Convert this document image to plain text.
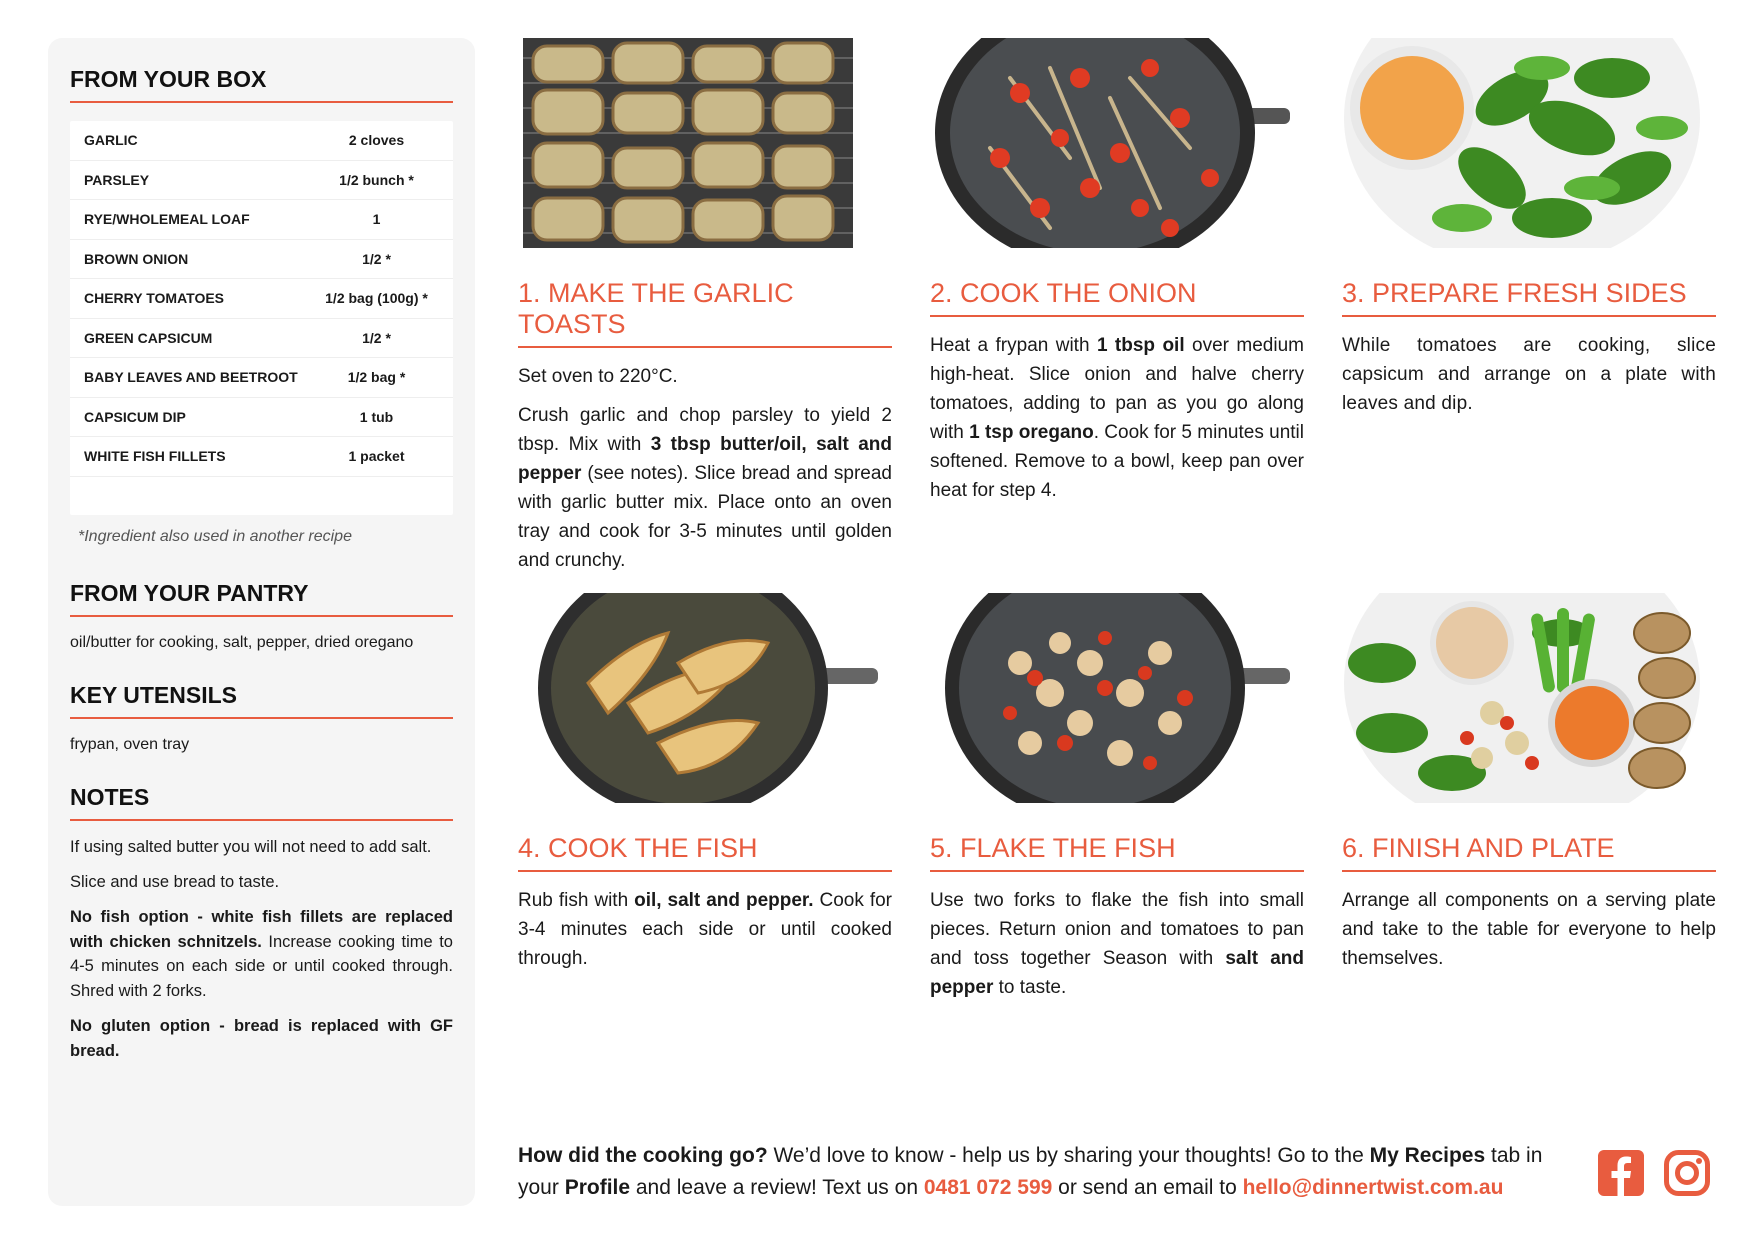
FROM YOUR BOX
GARLIC	2 cloves
PARSLEY	1/2 bunch *
RYE/WHOLEMEAL LOAF	1
BROWN ONION	1/2 *
CHERRY TOMATOES	1/2 bag (100g) *
GREEN CAPSICUM	1/2 *
BABY LEAVES AND BEETROOT	1/2 bag *
CAPSICUM DIP	1 tub
WHITE FISH FILLETS	1 packet
*Ingredient also used in another recipe
FROM YOUR PANTRY

oil/butter for cooking, salt, pepper, dried oregano

KEY UTENSILS

frypan, oven tray

NOTES

If using salted butter you will not need to add salt.

Slice and use bread to taste.

No fish option - white fish fillets are replaced with chicken schnitzels. Increase cooking time to 4-5 minutes on each side or until cooked through. Shred with 2 forks.

No gluten option - bread is replaced with GF bread.

1. MAKE THE GARLIC TOASTS

Set oven to 220°C.

Crush garlic and chop parsley to yield 2 tbsp. Mix with 3 tbsp butter/oil, salt and pepper (see notes). Slice bread and spread with garlic butter mix. Place onto an oven tray and cook for 3-5 minutes until golden and crunchy.

2. COOK THE ONION

Heat a frypan with 1 tbsp oil over medium high-heat. Slice onion and halve cherry tomatoes, adding to pan as you go along with 1 tsp oregano. Cook for 5 minutes until softened. Remove to a bowl, keep pan over heat for step 4.

3. PREPARE FRESH SIDES

While tomatoes are cooking, slice capsicum and arrange on a plate with leaves and dip.

4. COOK THE FISH

Rub fish with oil, salt and pepper. Cook for 3-4 minutes each side or until cooked through.

5. FLAKE THE FISH

Use two forks to flake the fish into small pieces. Return onion and tomatoes to pan and toss together Season with salt and pepper to taste.

6. FINISH AND PLATE

Arrange all components on a serving plate and take to the table for everyone to help themselves.

How did the cooking go? We’d love to know - help us by sharing your thoughts! Go to the My Recipes tab in your Profile and leave a review! Text us on 0481 072 599 or send an email to hello@dinnertwist.com.au
